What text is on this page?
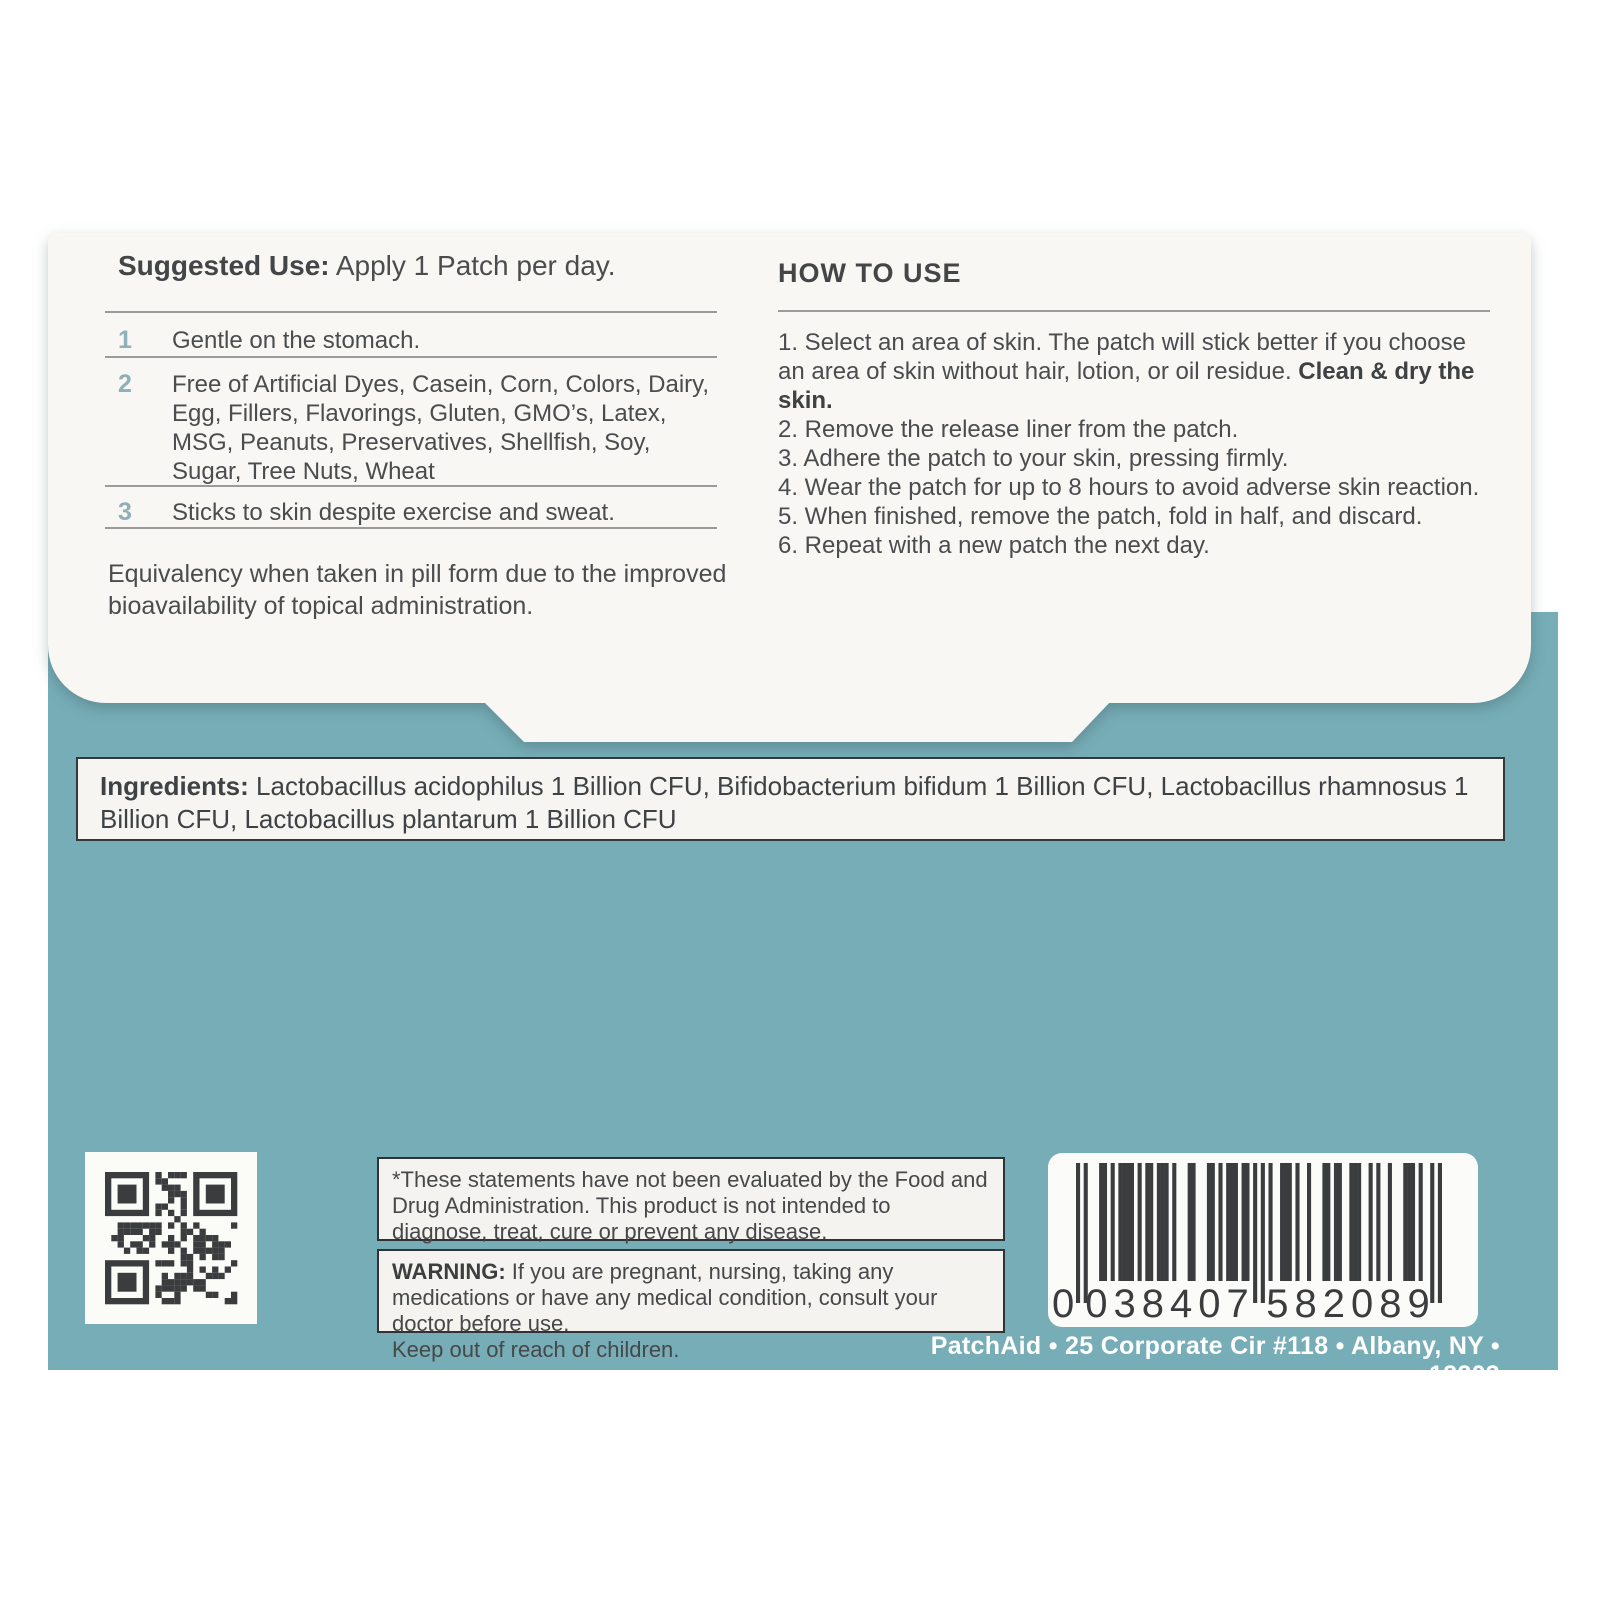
Suggested Use: Apply 1 Patch per day.
1 Gentle on the stomach.
2 Free of Artificial Dyes, Casein, Corn, Colors, Dairy, Egg, Fillers, Flavorings, Gluten, GMO’s, Latex, MSG, Peanuts, Preservatives, Shellfish, Soy, Sugar, Tree Nuts, Wheat
3 Sticks to skin despite exercise and sweat.
Equivalency when taken in pill form due to the improved bioavailability of topical administration.
HOW TO USE
1. Select an area of skin. The patch will stick better if you choose an area of skin without hair, lotion, or oil residue. Clean & dry the skin.
2. Remove the release liner from the patch.
3. Adhere the patch to your skin, pressing firmly.
4. Wear the patch for up to 8 hours to avoid adverse skin reaction.
5. When finished, remove the patch, fold in half, and discard.
6. Repeat with a new patch the next day.
Ingredients: Lactobacillus acidophilus 1 Billion CFU, Bifidobacterium bifidum 1 Billion CFU, Lactobacillus rhamnosus 1 Billion CFU, Lactobacillus plantarum 1 Billion CFU
*These statements have not been evaluated by the Food and Drug Administration. This product is not intended to diagnose, treat, cure or prevent any disease.
WARNING: If you are pregnant, nursing, taking any medications or have any medical condition, consult your doctor before use.
Keep out of reach of children.
0 038407 582089
PatchAid • 25 Corporate Cir #118 • Albany, NY • 12203
